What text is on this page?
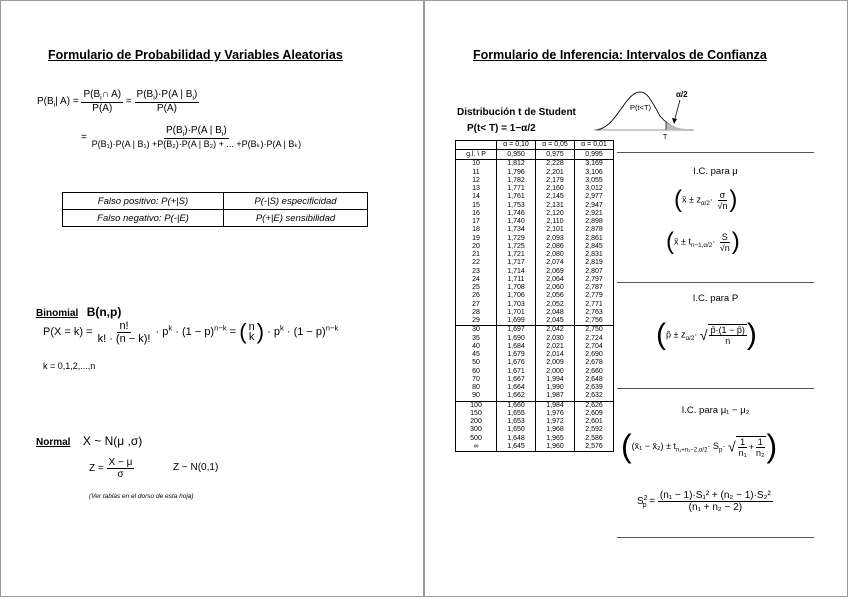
Formulario de Probabilidad y Variables Aleatorias
$P(B_i|$ $A) = \frac{P(B_i\cap A)}{P(A)} = \frac{P(B_i)\cdot P(A | B_i)}{P(A)}$
= $\frac{P(B_i)\cdot P(A | B_i)}{\text{P(B₁)·P(A | B₁) +P(B₂)·P(A | B₂) + ... +P(Bₖ)·P(A | Bₖ)}}$
Falso positivo: P(+|S)	P(-|S) especificidad
Falso negativo: P(-|E)	P(+|E) sensibilidad
Binomial B(n,p)
$P(X = k) = \frac{n!}{k! \cdot (n - k)!} \cdot p^k \cdot (1 - p)^{n-k}$ = ( n
k ) · $p^k \cdot (1 - p)^{n-k}$
k = 0,1,2,...,n
Normal X ~ N(μ ,σ)
$Z = \frac{X - \mu}{\sigma}$	Z ~ N(0,1)
(Ver tablas en el dorso de esta hoja)
Formulario de Inferencia: Intervalos de Confianza
Distribución t de Student
P(t< T) = 1−α/2
P(t<T)
α/2
T
	α = 0,10	α = 0,05	α = 0,01
g.l. \ P	0,950	0,975	0,995
10	1,812	2,228	3,169
11	1,796	2,201	3,106
12	1,782	2,179	3,055
13	1,771	2,160	3,012
14	1,761	2,145	2,977
15	1,753	2,131	2,947
16	1,746	2,120	2,921
17	1,740	2,110	2,898
18	1,734	2,101	2,878
19	1,729	2,093	2,861
20	1,725	2,086	2,845
21	1,721	2,080	2,831
22	1,717	2,074	2,819
23	1,714	2,069	2,807
24	1,711	2,064	2,797
25	1,708	2,060	2,787
26	1,706	2,056	2,779
27	1,703	2,052	2,771
28	1,701	2,048	2,763
29	1,699	2,045	2,756
30	1,697	2,042	2,750
35	1,690	2,030	2,724
40	1,684	2,021	2,704
45	1,679	2,014	2,690
50	1,676	2,009	2,678
60	1,671	2,000	2,660
70	1,667	1,994	2,648
80	1,664	1,990	2,639
90	1,662	1,987	2,632
100	1,660	1,984	2,626
150	1,655	1,976	2,609
200	1,653	1,972	2,601
300	1,650	1,968	2,592
500	1,648	1,965	2,586
∞	1,645	1,960	2,576
I.C. para μ
(x̄ ± $z_{\alpha/2}\cdot \frac{\sigma}{√n}$ )
(x̄ ± $t_{n-1,\alpha/2}\cdot \frac{S}{√n}$ )
I.C. para P
(p̂ ± $z_{\alpha/2}\cdot$ √ $\frac{p̂\cdot(1 - p̂)}{n}$ )
I.C. para μ₁ − μ₂
((x̄₁ − x̄₂) ± $t_{n_1+n_2-2,\alpha/2}\cdot S_p\cdot$ √ $\frac{1}{\text{n₁}} + \frac{1}{\text{n₂}}$ )
$S^2_p = \frac{\text{(n₁ − 1)·S₁² + (n₂ − 1)·S₂²}}{\text{(n₁ + n₂ − 2)}}$
